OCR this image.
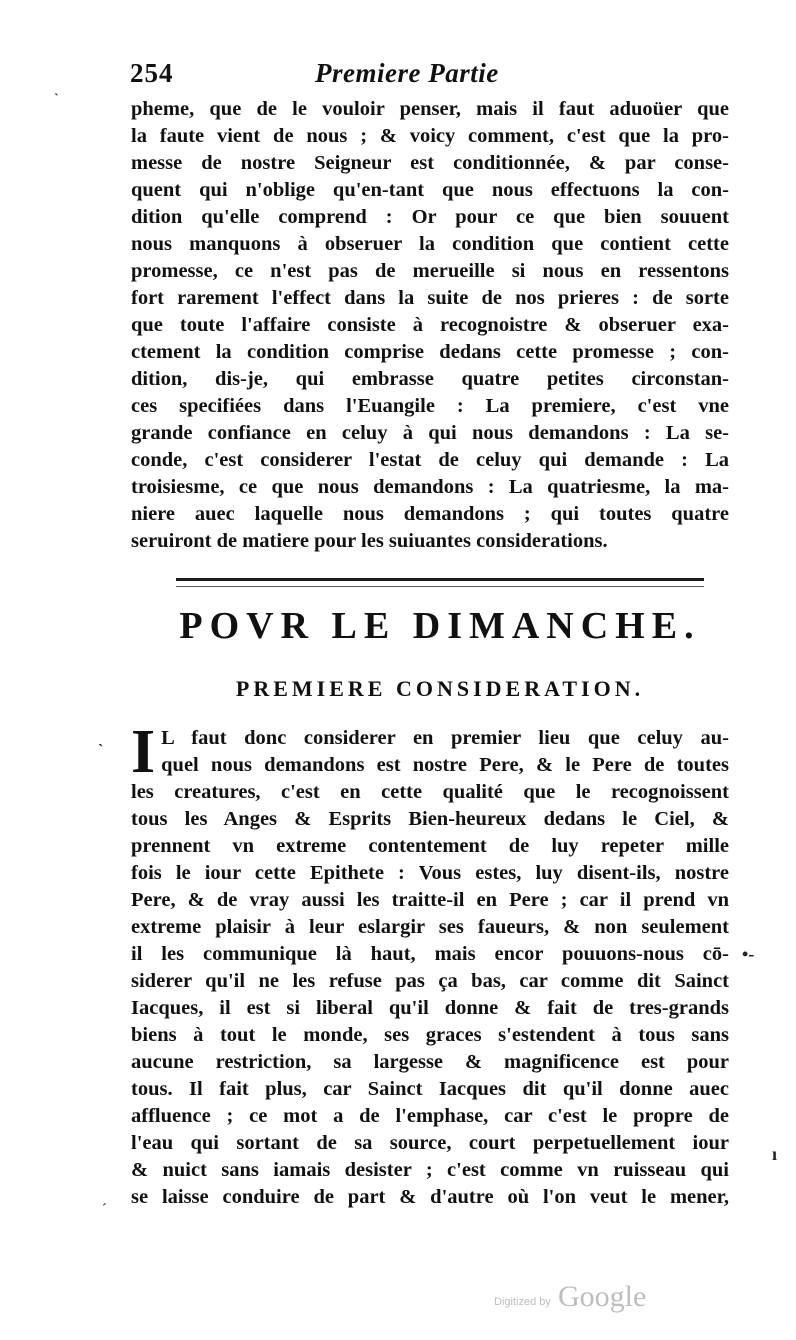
254	Premiere Partie
ˋ	pheme, que de le vouloir penser, mais il faut aduoüer que
la faute vient de nous ; & voicy comment, c'est que la pro-
messe de nostre Seigneur est conditionnée, & par conse-
quent qui n'oblige qu'en-tant que nous effectuons la con-
dition qu'elle comprend : Or pour ce que bien souuent
nous manquons à obseruer la condition que contient cette
promesse, ce n'est pas de merueille si nous en ressentons
fort rarement l'effect dans la suite de nos prieres : de sorte
que toute l'affaire consiste à recognoistre & obseruer exa-
ctement la condition comprise dedans cette promesse ; con-
dition, dis-je, qui embrasse quatre petites circonstan-
ces specifiées dans l'Euangile : La premiere, c'est vne
grande confiance en celuy à qui nous demandons : La se-
conde, c'est considerer l'estat de celuy qui demande : La
troisiesme, ce que nous demandons : La quatriesme, la ma-
niere auec laquelle nous demandons ; qui toutes quatre
seruiront de matiere pour les suiuantes considerations.
POVR LE DIMANCHE.
PREMIERE CONSIDERATION.
ˋ I L faut donc considerer en premier lieu que celuy au-
quel nous demandons est nostre Pere, & le Pere de toutes
les creatures, c'est en cette qualité que le recognoissent
tous les Anges & Esprits Bien-heureux dedans le Ciel, &
prennent vn extreme contentement de luy repeter mille
fois le iour cette Epithete : Vous estes, luy disent-ils, nostre
Pere, & de vray aussi les traitte-il en Pere ; car il prend vn
extreme plaisir à leur eslargir ses faueurs, & non seulement
il les communique là haut, mais encor pouuons-nous cō-
siderer qu'il ne les refuse pas ça bas, car comme dit Sainct
Iacques, il est si liberal qu'il donne & fait de tres-grands
biens à tout le monde, ses graces s'estendent à tous sans
aucune restriction, sa largesse & magnificence est pour
tous. Il fait plus, car Sainct Iacques dit qu'il donne auec
affluence ; ce mot a de l'emphase, car c'est le propre de
l'eau qui sortant de sa source, court perpetuellement iour
& nuict sans iamais desister ; c'est comme vn ruisseau qui
se laisse conduire de part & d'autre où l'on veut le mener,
•‐
ı
ˊ
Digitized by Google
